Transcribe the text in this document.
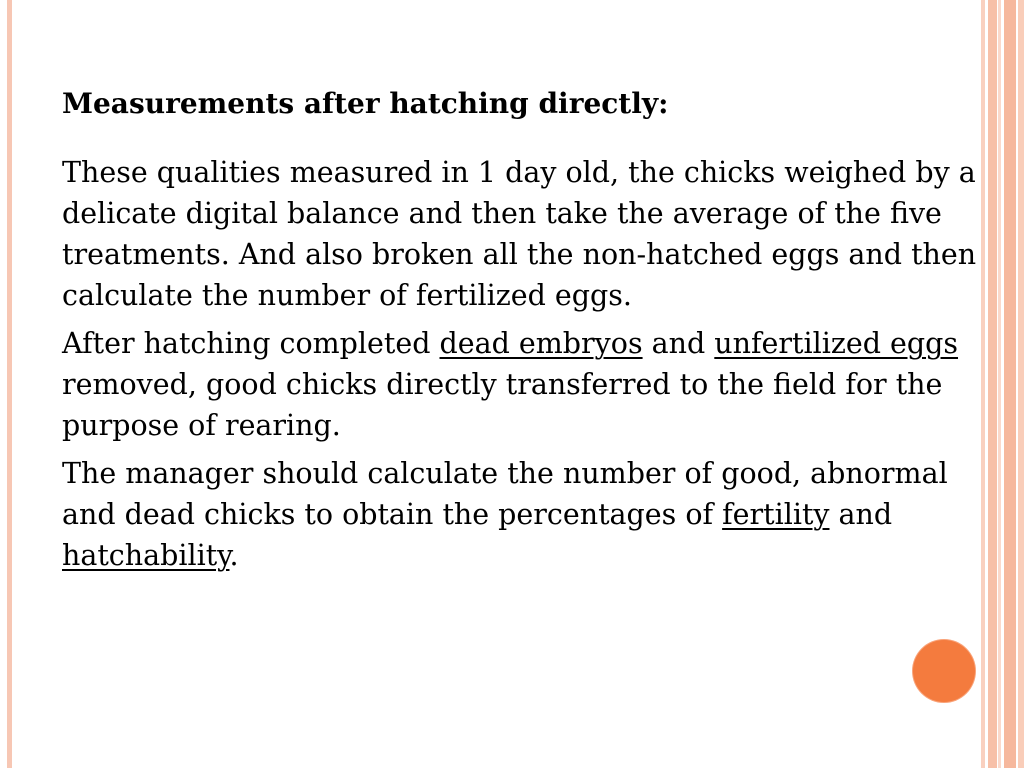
Measurements after hatching directly:

These qualities measured in 1 day old, the chicks weighed by a delicate digital balance and then take the average of the five treatments. And also broken all the non-hatched eggs and then calculate the number of fertilized eggs.

After hatching completed dead embryos and unfertilized eggs removed, good chicks directly transferred to the field for the purpose of rearing.

The manager should calculate the number of good, abnormal and dead chicks to obtain the percentages of fertility and hatchability.
